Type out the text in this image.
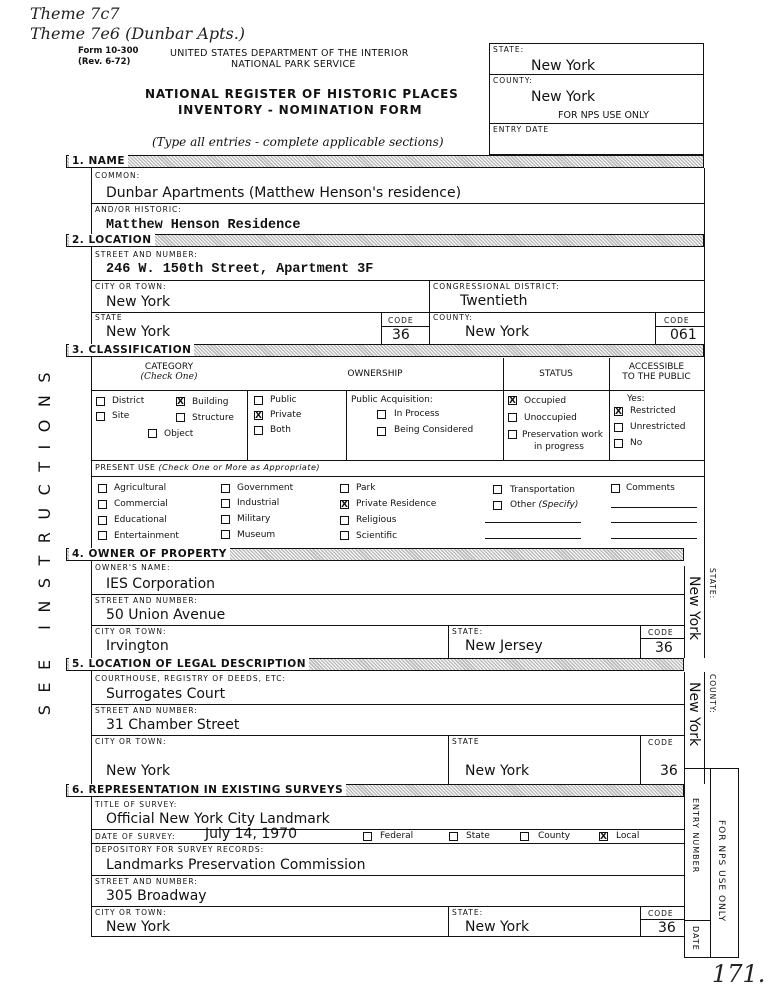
Theme 7c7
Theme 7e6 (Dunbar Apts.)
171.
Form 10-300
(Rev. 6-72)
UNITED STATES DEPARTMENT OF THE INTERIOR
NATIONAL PARK SERVICE
NATIONAL REGISTER OF HISTORIC PLACES
INVENTORY - NOMINATION FORM
(Type all entries - complete applicable sections)
STATE:
New York
COUNTY:
New York
FOR NPS USE ONLY
ENTRY DATE
SEE INSTRUCTIONS
1. NAME
COMMON:
Dunbar Apartments (Matthew Henson's residence)
AND/OR HISTORIC:
Matthew Henson Residence
2. LOCATION
STREET AND NUMBER:
246 W. 150th Street, Apartment 3F
CITY OR TOWN:
New York
CONGRESSIONAL DISTRICT:
Twentieth
STATE
New York
CODE
36
COUNTY:
New York
CODE
061
3. CLASSIFICATION
CATEGORY
(Check One)	OWNERSHIP	STATUS
ACCESSIBLE
TO THE PUBLIC
District	X Building
Site	Structure
Object
Public
X Private
Both
Public Acquisition:
In Process
Being Considered
X Occupied
Unoccupied
Preservation work
in progress
Yes:
X Restricted
Unrestricted
No
PRESENT USE (Check One or More as Appropriate)
Agricultural
Commercial
Educational
Entertainment
Government
Industrial
Military
Museum
Park
X Private Residence
Religious
Scientific
Transportation
Other (Specify)
Comments
4. OWNER OF PROPERTY
OWNER'S NAME:
IES Corporation
STREET AND NUMBER:
50 Union Avenue
CITY OR TOWN:
Irvington
STATE:
New Jersey
CODE
36
STATE:
New York
5. LOCATION OF LEGAL DESCRIPTION
COURTHOUSE, REGISTRY OF DEEDS, ETC:
Surrogates Court
STREET AND NUMBER:
31 Chamber Street
CITY OR TOWN:
New York
STATE
New York
CODE
36
COUNTY:
New York
6. REPRESENTATION IN EXISTING SURVEYS
ENTRY NUMBER
DATE
FOR NPS USE ONLY
TITLE OF SURVEY:
Official New York City Landmark
DATE OF SURVEY: July 14, 1970	Federal	State	County	X Local
DEPOSITORY FOR SURVEY RECORDS:
Landmarks Preservation Commission
STREET AND NUMBER:
305 Broadway
CITY OR TOWN:
New York
STATE:
New York
CODE
36
